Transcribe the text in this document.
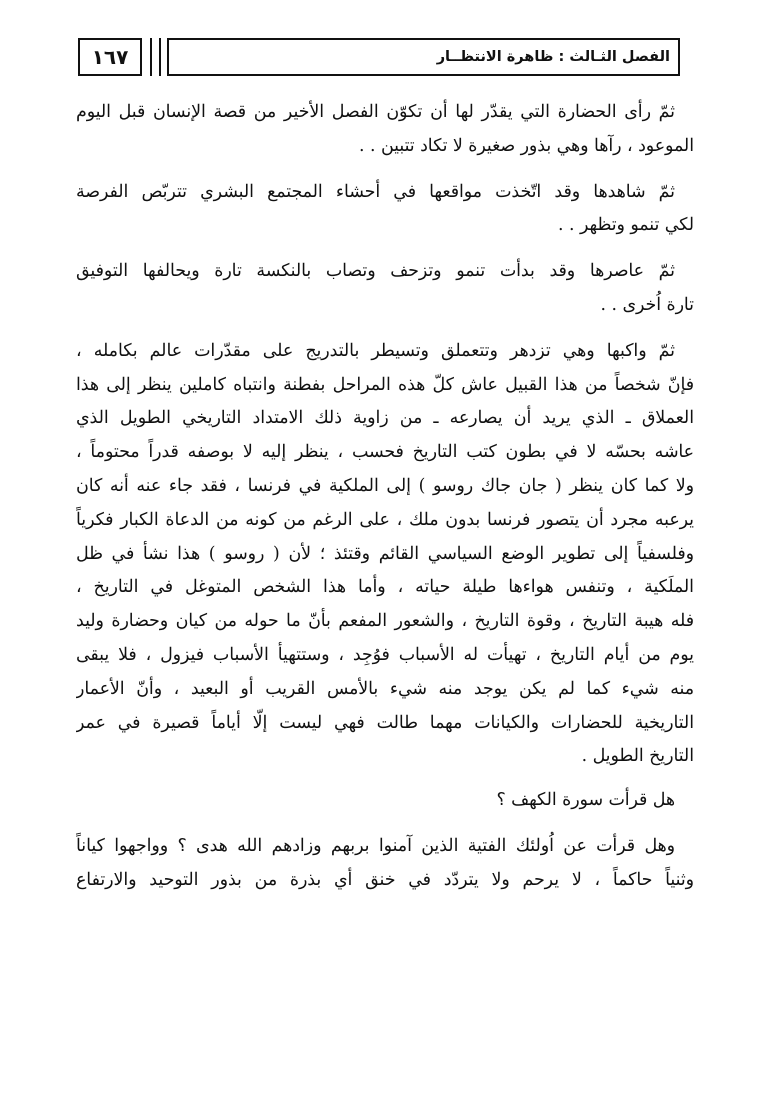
١٦٧	الفصل الثـالث : ظاهرة الانتظــار
ثمّ رأى الحضارة التي يقدّر لها أن تكوّن الفصل الأخير من قصة الإنسان قبل اليوم
الموعود ، رآها وهي بذور صغيرة لا تكاد تتبين . .
ثمّ شاهدها وقد اتّخذت مواقعها في أحشاء المجتمع البشري تتربّص الفرصة
لكي تنمو وتظهر . .
ثمّ عاصرها وقد بدأت تنمو وتزحف وتصاب بالنكسة تارة ويحالفها التوفيق
تارة اُخرى . .
ثمّ واكبها وهي تزدهر وتتعملق وتسيطر بالتدريج على مقدّرات عالم بكامله ،
فإنّ شخصاً من هذا القبيل عاش كلّ هذه المراحل بفطنة وانتباه كاملين ينظر إلى هذا
العملاق ـ الذي يريد أن يصارعه ـ من زاوية ذلك الامتداد التاريخي الطويل الذي
عاشه بحسّه لا في بطون كتب التاريخ فحسب ، ينظر إليه لا بوصفه قدراً محتوماً ،
ولا كما كان ينظر ( جان جاك روسو ) إلى الملكية في فرنسا ، فقد جاء عنه أنه كان
يرعبه مجرد أن يتصور فرنسا بدون ملك ، على الرغم من كونه من الدعاة الكبار فكرياً
وفلسفياً إلى تطوير الوضع السياسي القائم وقتئذ ؛ لأن ( روسو ) هذا نشأ في ظل
الملَكية ، وتنفس هواءها طيلة حياته ، وأما هذا الشخص المتوغل في التاريخ ،
فله هيبة التاريخ ، وقوة التاريخ ، والشعور المفعم بأنّ ما حوله من كيان وحضارة وليد
يوم من أيام التاريخ ، تهيأت له الأسباب فوُجِد ، وستتهيأ الأسباب فيزول ، فلا يبقى
منه شيء كما لم يكن يوجد منه شيء بالأمس القريب أو البعيد ، وأنّ الأعمار
التاريخية للحضارات والكيانات مهما طالت فهي ليست إلّا أياماً قصيرة في عمر
التاريخ الطويل .
هل قرأت سورة الكهف ؟
وهل قرأت عن اُولئك الفتية الذين آمنوا بربهم وزادهم الله هدى ؟ وواجهوا كياناً
وثنياً حاكماً ، لا يرحم ولا يتردّد في خنق أي بذرة من بذور التوحيد والارتفاع
